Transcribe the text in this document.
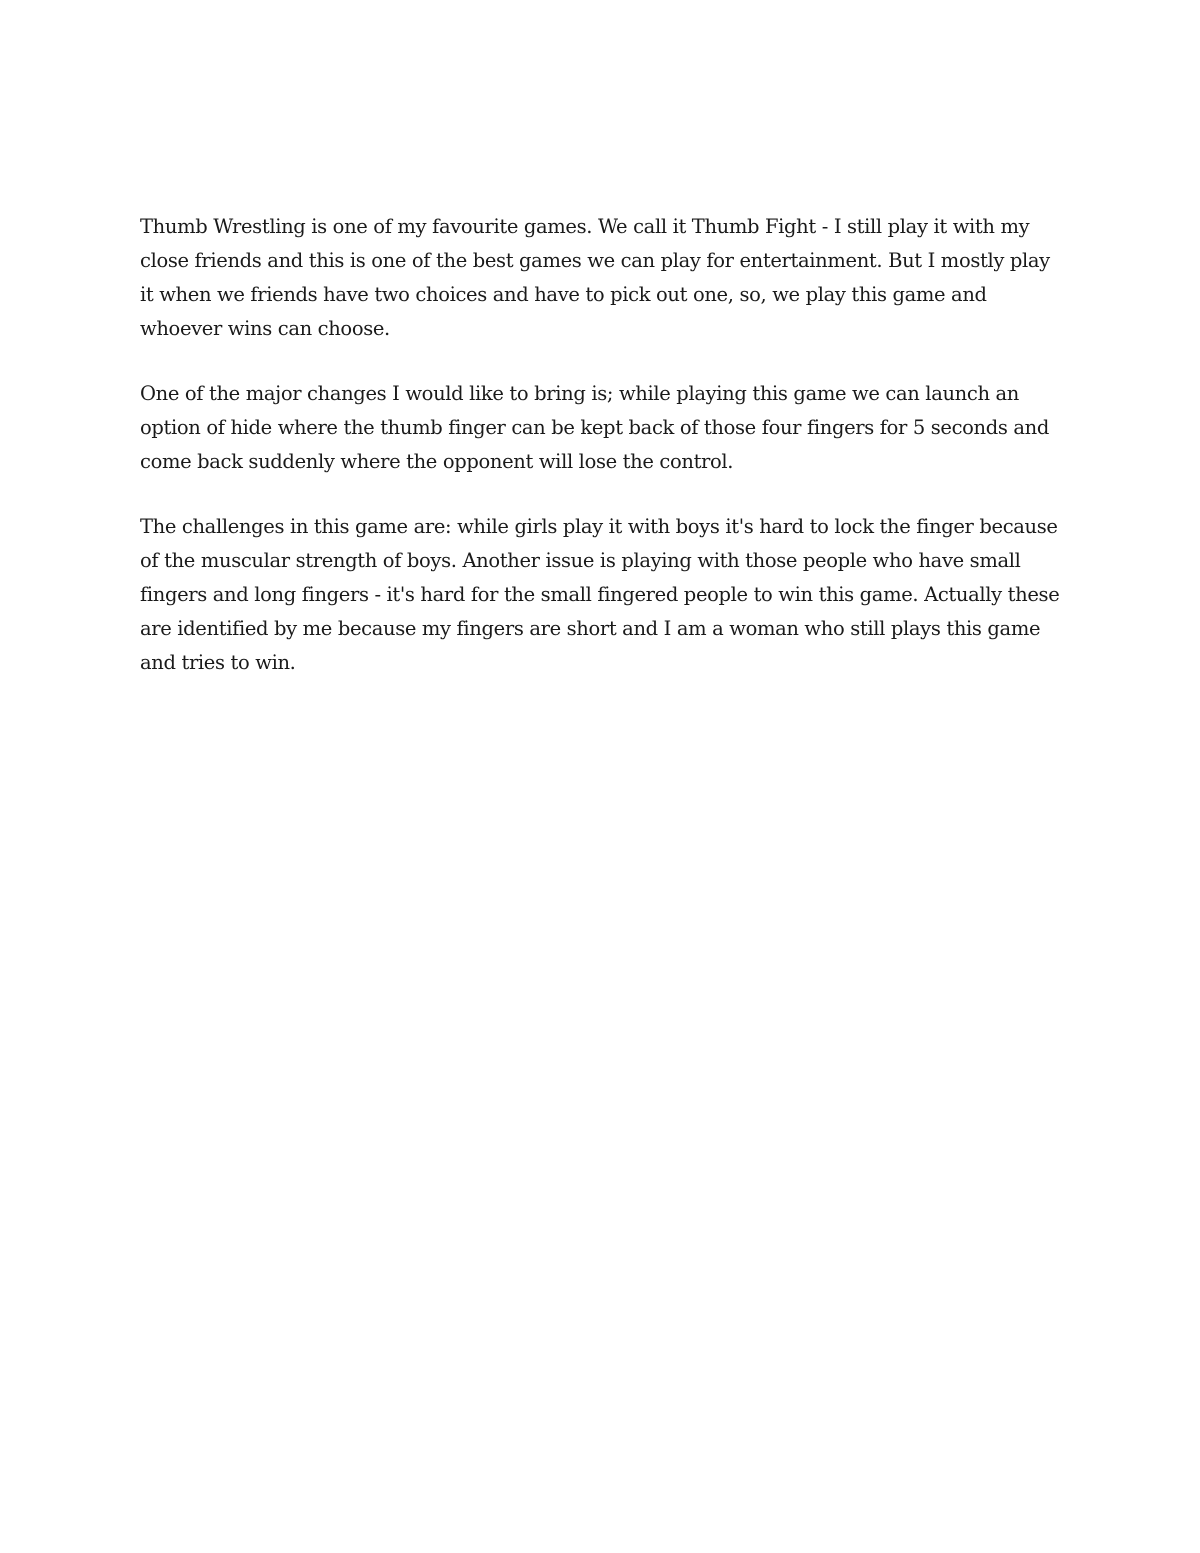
Thumb Wrestling is one of my favourite games. We call it Thumb Fight - I still play it with my close friends and this is one of the best games we can play for entertainment. But I mostly play it when we friends have two choices and have to pick out one, so, we play this game and whoever wins can choose.

One of the major changes I would like to bring is; while playing this game we can launch an option of hide where the thumb finger can be kept back of those four fingers for 5 seconds and come back suddenly where the opponent will lose the control.

The challenges in this game are: while girls play it with boys it's hard to lock the finger because of the muscular strength of boys. Another issue is playing with those people who have small fingers and long fingers - it's hard for the small fingered people to win this game. Actually these are identified by me because my fingers are short and I am a woman who still plays this game and tries to win.
